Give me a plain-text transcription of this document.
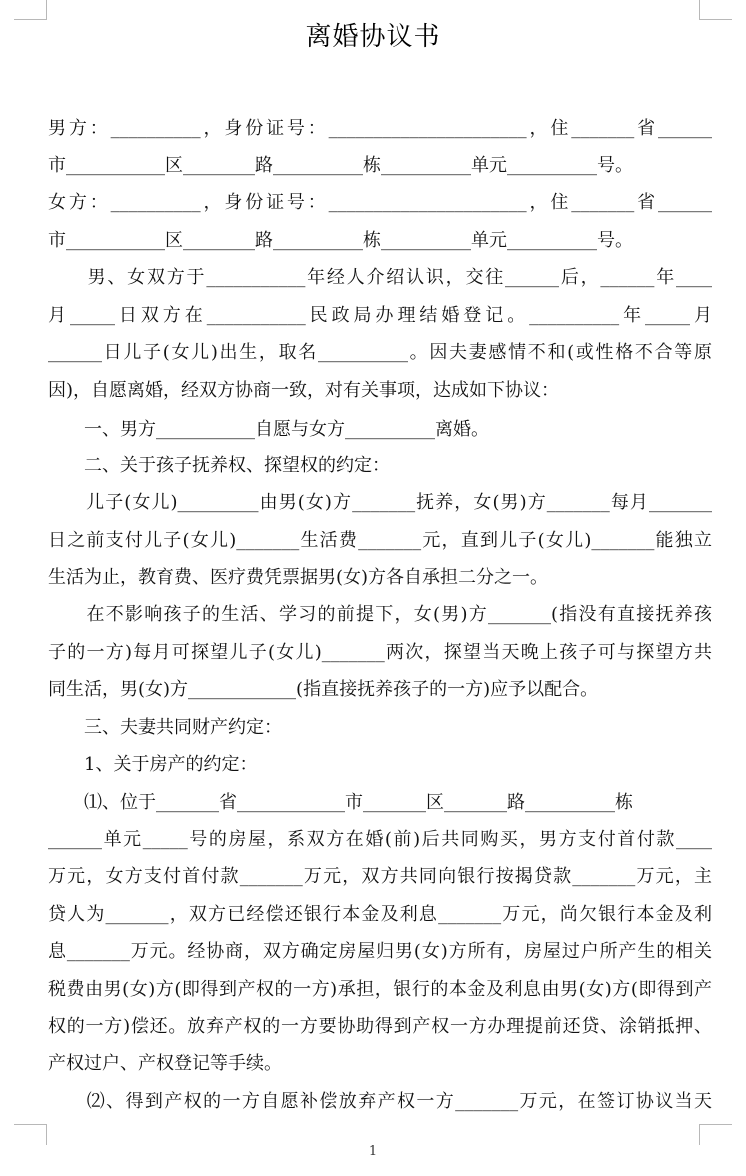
离婚协议书
男方：__________，身份证号：______________________，住_______省______
市___________区________路__________栋__________单元__________号。
女方：__________，身份证号：______________________，住_______省______
市___________区________路__________栋__________单元__________号。
　　男、女双方于___________年经人介绍认识，交往______后，______年____
月_____日双方在___________民政局办理结婚登记。__________年_____月
______日儿子(女儿)出生，取名__________。因夫妻感情不和(或性格不合等原
因)，自愿离婚，经双方协商一致，对有关事项，达成如下协议：
　　一、男方___________自愿与女方__________离婚。
　　二、关于孩子抚养权、探望权的约定：
　　儿子(女儿)_________由男(女)方_______抚养，女(男)方_______每月_______
日之前支付儿子(女儿)_______生活费_______元，直到儿子(女儿)_______能独立
生活为止，教育费、医疗费凭票据男(女)方各自承担二分之一。
　　在不影响孩子的生活、学习的前提下，女(男)方_______(指没有直接抚养孩
子的一方)每月可探望儿子(女儿)_______两次，探望当天晚上孩子可与探望方共
同生活，男(女)方____________(指直接抚养孩子的一方)应予以配合。
　　三、夫妻共同财产约定：
　　1、关于房产的约定：
　　⑴、位于_______省____________市_______区_______路__________栋
______单元_____号的房屋，系双方在婚(前)后共同购买，男方支付首付款____
万元，女方支付首付款_______万元，双方共同向银行按揭贷款_______万元，主
贷人为_______，双方已经偿还银行本金及利息_______万元，尚欠银行本金及利
息_______万元。经协商，双方确定房屋归男(女)方所有，房屋过户所产生的相关
税费由男(女)方(即得到产权的一方)承担，银行的本金及利息由男(女)方(即得到产
权的一方)偿还。放弃产权的一方要协助得到产权一方办理提前还贷、涂销抵押、
产权过户、产权登记等手续。
　　⑵、得到产权的一方自愿补偿放弃产权一方_______万元，在签订协议当天
1
